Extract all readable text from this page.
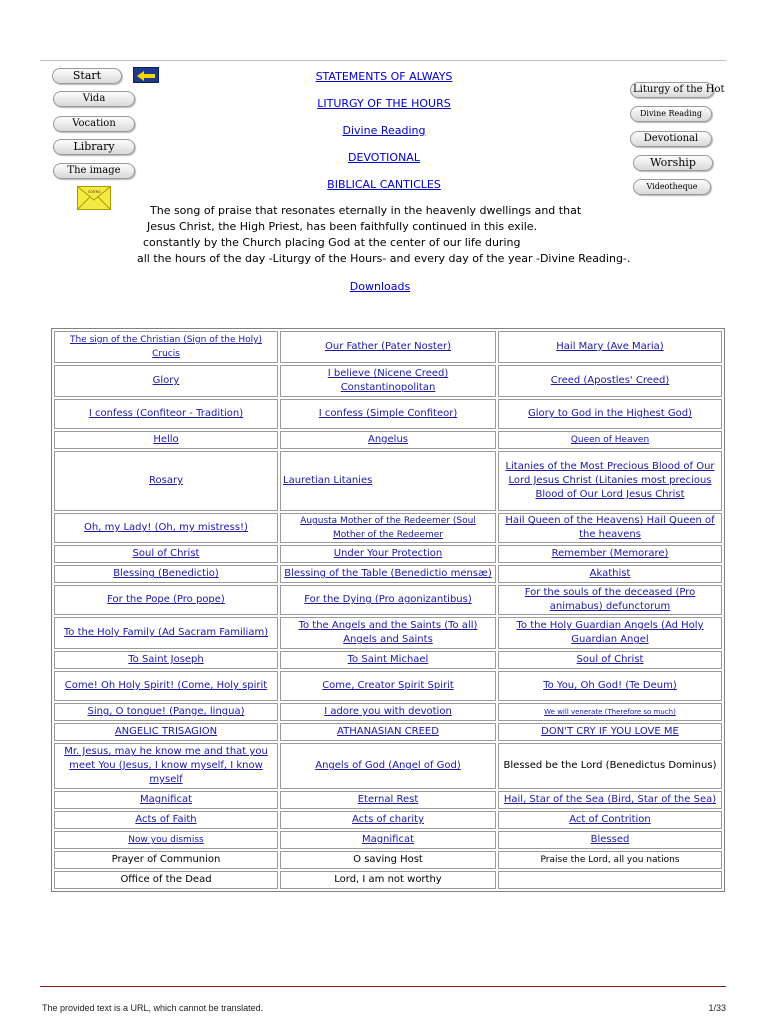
Start
Vida
Vocation
Library
The image
correo
Liturgy of the Hot
Divine Reading
Devotional
Worship
Videotheque
STATEMENTS OF ALWAYS
LITURGY OF THE HOURS
Divine Reading
DEVOTIONAL
BIBLICAL CANTICLES
The song of praise that resonates eternally in the heavenly dwellings and that
Jesus Christ, the High Priest, has been faithfully continued in this exile.
constantly by the Church placing God at the center of our life during
all the hours of the day -Liturgy of the Hours- and every day of the year -Divine Reading-.
Downloads
The sign of the Christian (Sign of the Holy) Crucis	Our Father (Pater Noster)	Hail Mary (Ave Maria)
Glory	I believe (Nicene Creed) Constantinopolitan	Creed (Apostles' Creed)
I confess (Confiteor - Tradition)	I confess (Simple Confiteor)	Glory to God in the Highest God)
Hello	Angelus	Queen of Heaven
Rosary	Lauretian Litanies	Litanies of the Most Precious Blood of Our Lord Jesus Christ (Litanies most precious Blood of Our Lord Jesus Christ
Oh, my Lady! (Oh, my mistress!)	Augusta Mother of the Redeemer (Soul Mother of the Redeemer	Hail Queen of the Heavens) Hail Queen of the heavens
Soul of Christ	Under Your Protection	Remember (Memorare)
Blessing (Benedictio)	Blessing of the Table (Benedictio mensæ)	Akathist
For the Pope (Pro pope)	For the Dying (Pro agonizantibus)	For the souls of the deceased (Pro animabus) defunctorum
To the Holy Family (Ad Sacram Familiam)	To the Angels and the Saints (To all) Angels and Saints	To the Holy Guardian Angels (Ad Holy Guardian Angel
To Saint Joseph	To Saint Michael	Soul of Christ
Come! Oh Holy Spirit! (Come, Holy spirit	Come, Creator Spirit Spirit	To You, Oh God! (Te Deum)
Sing, O tongue! (Pange, lingua)	I adore you with devotion	We will venerate (Therefore so much)
ANGELIC TRISAGION	ATHANASIAN CREED	DON'T CRY IF YOU LOVE ME
Mr. Jesus, may he know me and that you meet You (Jesus, I know myself, I know myself	Angels of God (Angel of God)	Blessed be the Lord (Benedictus Dominus)
Magnificat	Eternal Rest	Hail, Star of the Sea (Bird, Star of the Sea)
Acts of Faith	Acts of charity	Act of Contrition
Now you dismiss	Magnificat	Blessed
Prayer of Communion	O saving Host	Praise the Lord, all you nations
Office of the Dead	Lord, I am not worthy	
The provided text is a URL, which cannot be translated.	1/33
